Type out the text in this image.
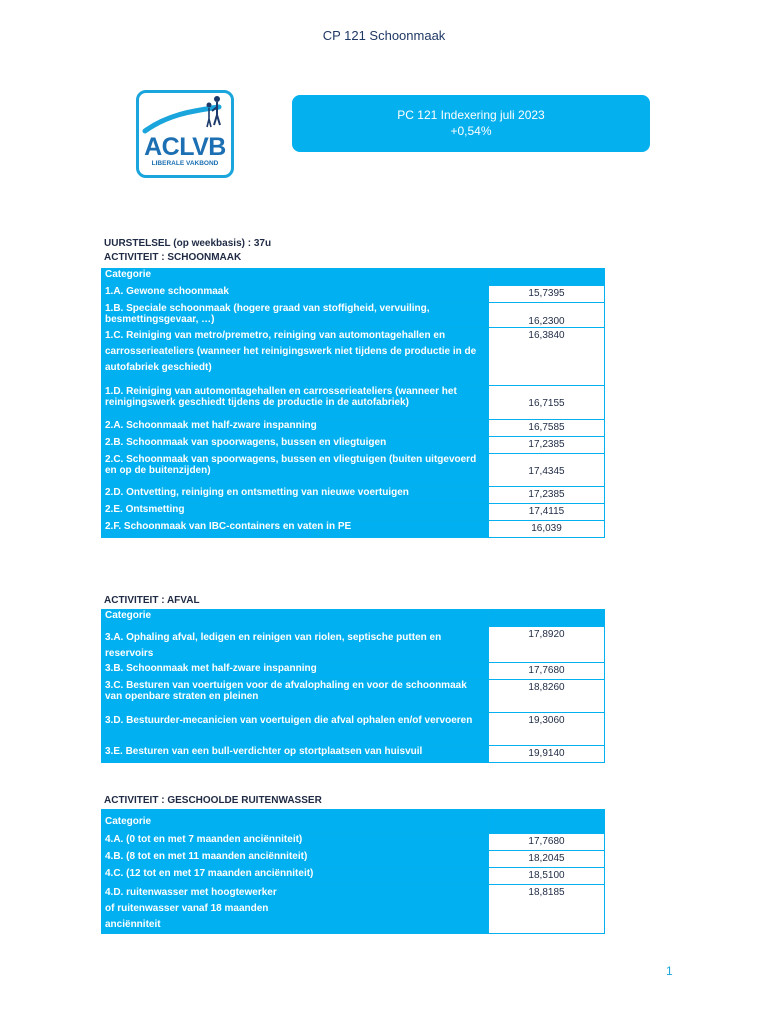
CP 121 Schoonmaak
ACLVB
LIBERALE VAKBOND
PC 121 Indexering juli 2023
+0,54%
UURSTELSEL (op weekbasis) : 37u
ACTIVITEIT : SCHOONMAAK
Categorie	
1.A. Gewone schoonmaak	15,7395
1.B. Speciale schoonmaak (hogere graad van stoffigheid, vervuiling, besmettingsgevaar, …)	16,2300
1.C. Reiniging van metro/premetro, reiniging van automontagehallen en carrosserieateliers (wanneer het reinigingswerk niet tijdens de productie in de autofabriek geschiedt)	16,3840
1.D. Reiniging van automontagehallen en carrosserieateliers (wanneer het reinigingswerk geschiedt tijdens de productie in de autofabriek)	16,7155
2.A. Schoonmaak met half-zware inspanning	16,7585
2.B. Schoonmaak van spoorwagens, bussen en vliegtuigen	17,2385
2.C. Schoonmaak van spoorwagens, bussen en vliegtuigen (buiten uitgevoerd en op de buitenzijden)	17,4345
2.D. Ontvetting, reiniging en ontsmetting van nieuwe voertuigen	17,2385
2.E. Ontsmetting	17,4115
2.F. Schoonmaak van IBC-containers en vaten in PE	16,039
ACTIVITEIT : AFVAL
Categorie	
3.A. Ophaling afval, ledigen en reinigen van riolen, septische putten en reservoirs	17,8920
3.B. Schoonmaak met half-zware inspanning	17,7680
3.C. Besturen van voertuigen voor de afvalophaling en voor de schoonmaak van openbare straten en pleinen	18,8260
3.D. Bestuurder-mecanicien van voertuigen die afval ophalen en/of vervoeren	19,3060
3.E. Besturen van een bull-verdichter op stortplaatsen van huisvuil	19,9140
ACTIVITEIT : GESCHOOLDE RUITENWASSER
Categorie	
4.A. (0 tot en met 7 maanden anciënniteit)	17,7680
4.B. (8 tot en met 11 maanden anciënniteit)	18,2045
4.C. (12 tot en met 17 maanden anciënniteit)	18,5100
4.D. ruitenwasser met hoogtewerker of ruitenwasser vanaf 18 maanden anciënniteit	18,8185
1
